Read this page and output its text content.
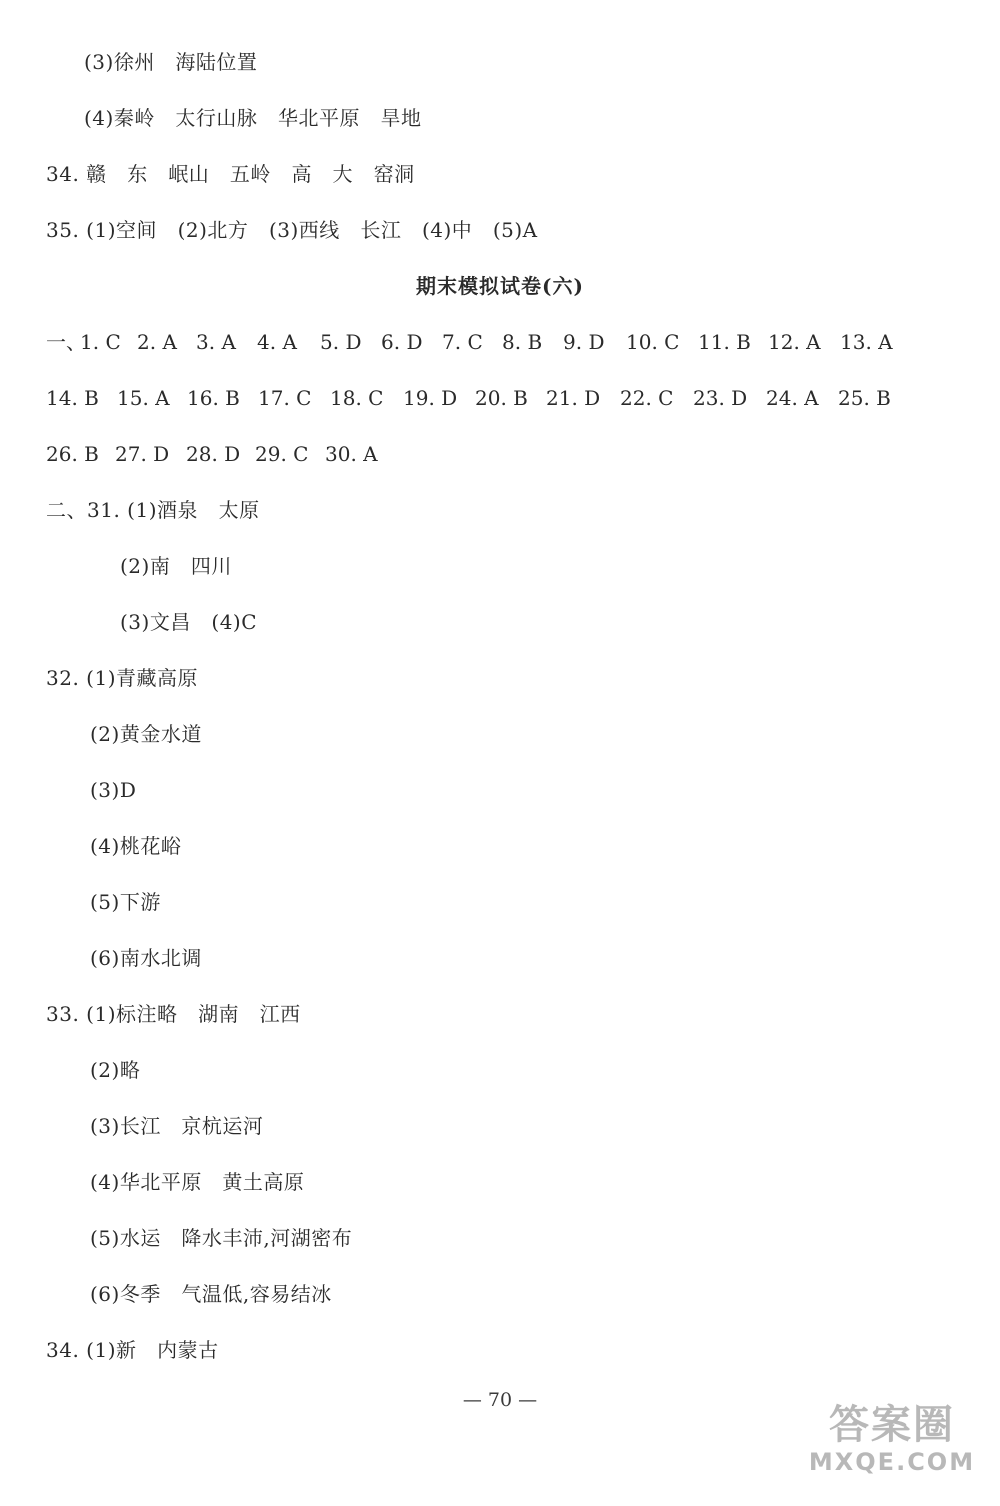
(3)徐州   海陆位置
(4)秦岭   太行山脉   华北平原   旱地
34. 赣   东   岷山   五岭   高   大   窑洞
35. (1)空间   (2)北方   (3)西线   长江   (4)中   (5)A
期末模拟试卷(六)
一、
1. C 2. A 3. A 4. A 5. D 6. D 7. C 8. B 9. D 10. C 11. B 12. A 13. A
14. B 15. A 16. B 17. C 18. C 19. D 20. B 21. D 22. C 23. D 24. A 25. B
26. B 27. D 28. D 29. C 30. A
二、31. (1)酒泉   太原
(2)南   四川
(3)文昌   (4)C
32. (1)青藏高原
(2)黄金水道
(3)D
(4)桃花峪
(5)下游
(6)南水北调
33. (1)标注略   湖南   江西
(2)略
(3)长江   京杭运河
(4)华北平原   黄土高原
(5)水运   降水丰沛,河湖密布
(6)冬季   气温低,容易结冰
34. (1)新   内蒙古
— 70 —
答案圈
MXQE.COM
